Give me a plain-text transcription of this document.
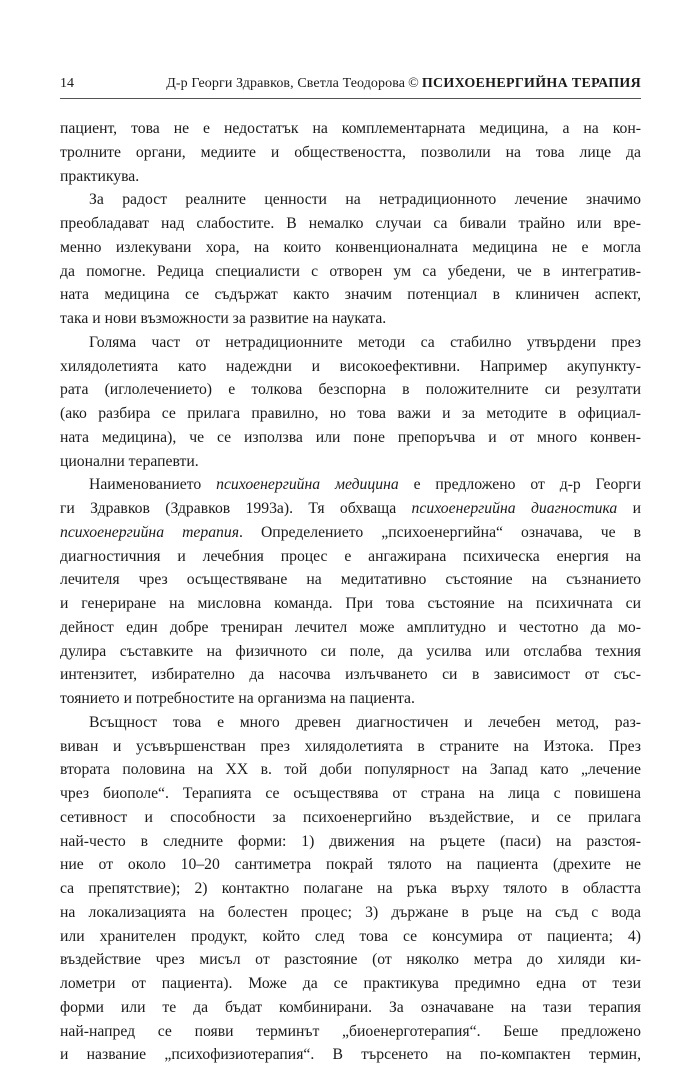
14	Д-р Георги Здравков, Светла Теодорова © ПСИХОЕНЕРГИЙНА ТЕРАПИЯ
пациент, това не е недостатък на комплементарната медицина, а на кон-
тролните органи, медиите и обществеността, позволили на това лице да
практикува.
За радост реалните ценности на нетрадиционното лечение значимо
преобладават над слабостите. В немалко случаи са бивали трайно или вре-
менно излекувани хора, на които конвенционалната медицина не е могла
да помогне. Редица специалисти с отворен ум са убедени, че в интегратив-
ната медицина се съдържат както значим потенциал в клиничен аспект,
така и нови възможности за развитие на науката.
Голяма част от нетрадиционните методи са стабилно утвърдени през
хилядолетията като надеждни и високоефективни. Например акупункту-
рата (иглолечението) е толкова безспорна в положителните си резултати
(ако разбира се прилага правилно, но това важи и за методите в официал-
ната медицина), че се използва или поне препоръчва и от много конвен-
ционални терапевти.
Наименованието психоенергийна медицина е предложено от д-р Георги
ги Здравков (Здравков 1993а). Тя обхваща психоенергийна диагностика и
психоенергийна терапия. Определението „психоенергийна“ означава, че в
диагностичния и лечебния процес е ангажирана психическа енергия на
лечителя чрез осъществяване на медитативно състояние на съзнанието
и генериране на мисловна команда. При това състояние на психичната си
дейност един добре трениран лечител може амплитудно и честотно да мо-
дулира съставките на физичното си поле, да усилва или отслабва техния
интензитет, избирателно да насочва излъчването си в зависимост от със-
тоянието и потребностите на организма на пациента.
Всъщност това е много древен диагностичен и лечебен метод, раз-
виван и усъвършенстван през хилядолетията в страните на Изтока. През
втората половина на ХХ в. той доби популярност на Запад като „лечение
чрез биополе“. Терапията се осъществява от страна на лица с повишена
сетивност и способности за психоенергийно въздействие, и се прилага
най-често в следните форми: 1) движения на ръцете (паси) на разстоя-
ние от около 10–20 сантиметра покрай тялото на пациента (дрехите не
са препятствие); 2) контактно полагане на ръка върху тялото в областта
на локализацията на болестен процес; 3) държане в ръце на съд с вода
или хранителен продукт, който след това се консумира от пациента; 4)
въздействие чрез мисъл от разстояние (от няколко метра до хиляди ки-
лометри от пациента). Може да се практикува предимно една от тези
форми или те да бъдат комбинирани. За означаване на тази терапия
най-напред се появи терминът „биоенерготерапия“. Беше предложено
и название „психофизиотерапия“. В търсенето на по-компактен термин,
